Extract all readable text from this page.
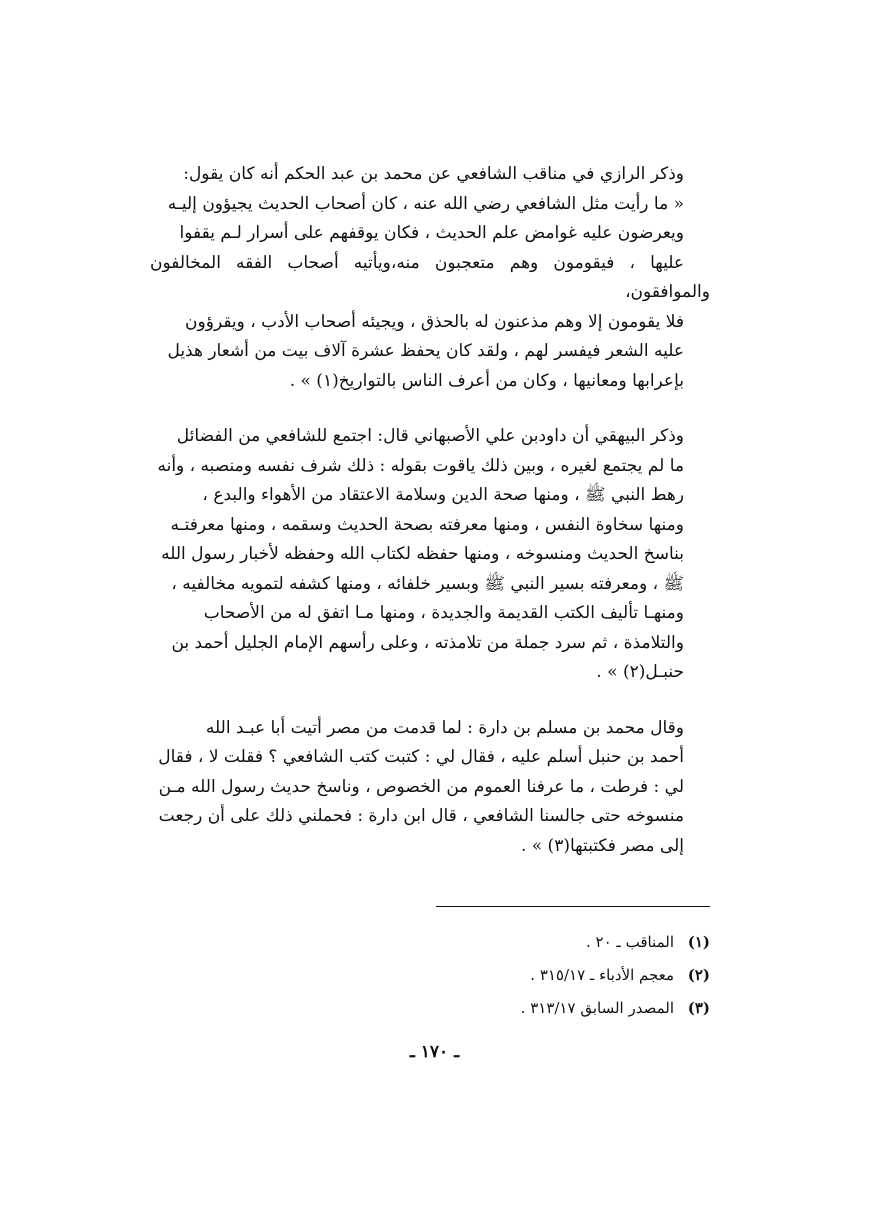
وذكر الرازي في مناقب الشافعي عن محمد بن عبد الحكم أنه كان يقول:
« ما رأيت مثل الشافعي رضي الله عنه ، كان أصحاب الحديث يجيؤون إليـه
ويعرضون عليه غوامض علم الحديث ، فكان يوقفهم على أسرار لـم يقفوا
عليها ، فيقومون وهم متعجبون منه،ويأتيه أصحاب الفقه المخالفون والموافقون،
فلا يقومون إلا وهم مذعنون له بالحذق ، ويجيئه أصحاب الأدب ، ويقرؤون
عليه الشعر فيفسر لهم ، ولقد كان يحفظ عشرة آلاف بيت من أشعار هذيل
بإعرابها ومعانيها ، وكان من أعرف الناس بالتواريخ(١) » .
وذكر البيهقي أن داودبن علي الأصبهاني قال: اجتمع للشافعي من الفضائل
ما لم يجتمع لغيره ، وبين ذلك ياقوت بقوله : ذلك شرف نفسه ومنصبه ، وأنه
رهط النبي ﷺ ، ومنها صحة الدين وسلامة الاعتقاد من الأهواء والبدع ،
ومنها سخاوة النفس ، ومنها معرفته بصحة الحديث وسقمه ، ومنها معرفتـه
بناسخ الحديث ومنسوخه ، ومنها حفظه لكتاب الله وحفظه لأخبار رسول الله
ﷺ ، ومعرفته بسير النبي ﷺ وبسير خلفائه ، ومنها كشفه لتمويه مخالفيه ،
ومنهـا تأليف الكتب القديمة والجديدة ، ومنها مـا اتفق له من الأصحاب
والتلامذة ، ثم سرد جملة من تلامذته ، وعلى رأسهم الإمام الجليل أحمد بن
حنبـل(٢) » .
وقال محمد بن مسلم بن دارة : لما قدمت من مصر أتيت أبا عبـد الله
أحمد بن حنبل أسلم عليه ، فقال لي : كتبت كتب الشافعي ؟ فقلت لا ، فقال
لي : فرطت ، ما عرفنا العموم من الخصوص ، وناسخ حديث رسول الله مـن
منسوخه حتى جالسنا الشافعي ، قال ابن دارة : فحملني ذلك على أن رجعت
إلى مصر فكتبتها(٣) » .
(١)المناقب ـ ٢٠ .
(٢)معجم الأدباء ـ ٣١٥/١٧ .
(٣)المصدر السابق ٣١٣/١٧ .
ـ ١٧٠ ـ
